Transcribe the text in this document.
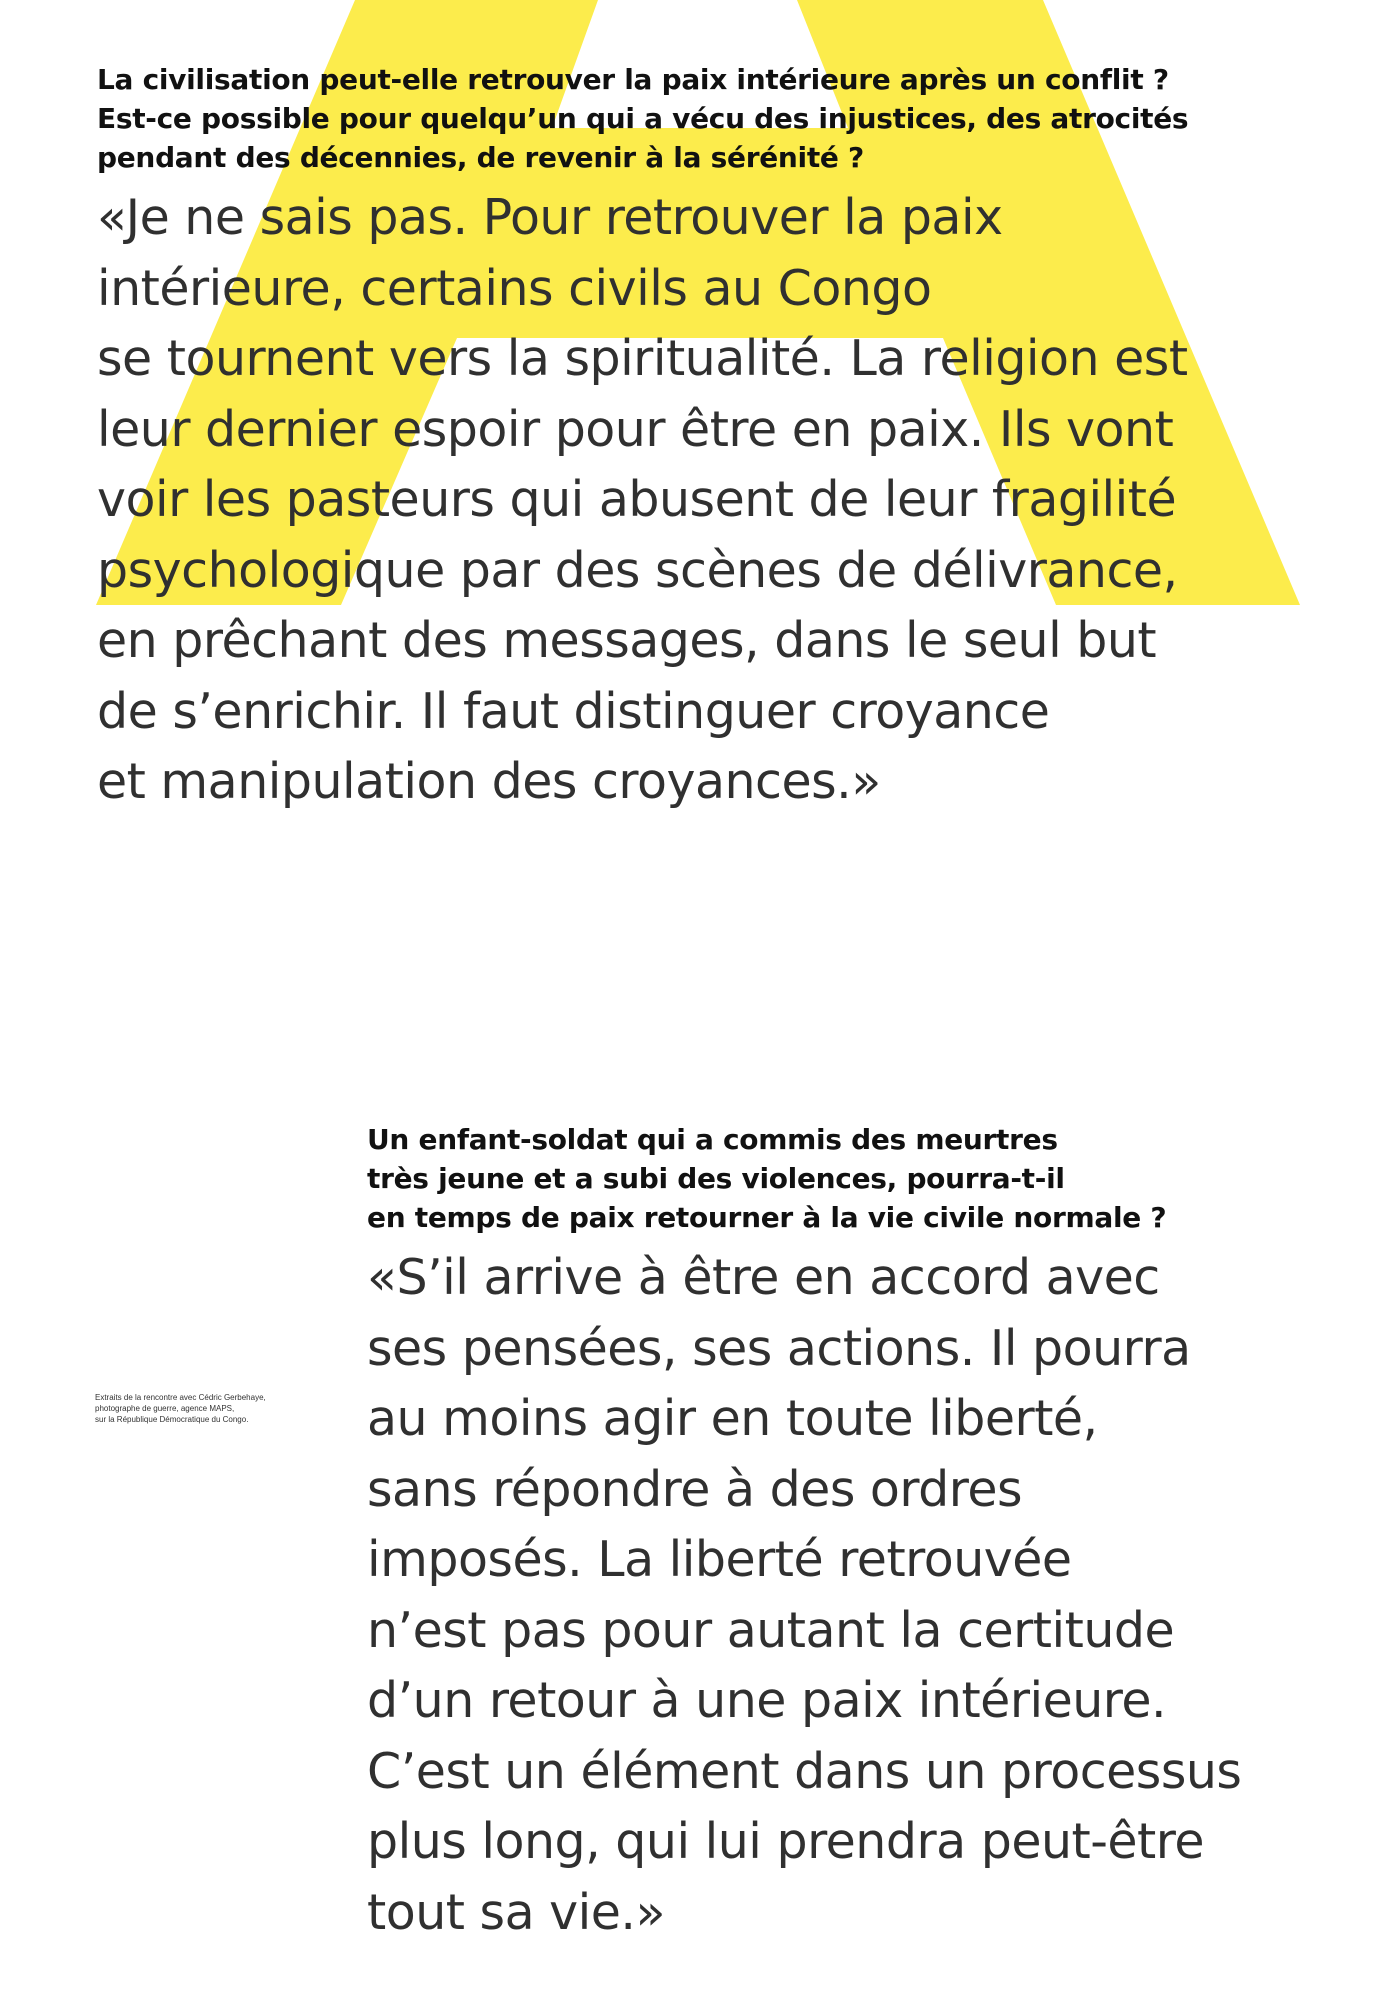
La civilisation peut-elle retrouver la paix intérieure après un conflit ?
Est-ce possible pour quelqu’un qui a vécu des injustices, des atrocités
pendant des décennies, de revenir à la sérénité ?

«Je ne sais pas. Pour retrouver la paix
intérieure, certains civils au Congo
se tournent vers la spiritualité. La religion est
leur dernier espoir pour être en paix. Ils vont
voir les pasteurs qui abusent de leur fragilité
psychologique par des scènes de délivrance,
en prêchant des messages, dans le seul but
de s’enrichir. Il faut distinguer croyance
et manipulation des croyances.»

Extraits de la rencontre avec Cédric Gerbehaye,
photographe de guerre, agence MAPS,
sur la République Démocratique du Congo.

Un enfant-soldat qui a commis des meurtres
très jeune et a subi des violences, pourra-t-il
en temps de paix retourner à la vie civile normale ?

«S’il arrive à être en accord avec
ses pensées, ses actions. Il pourra
au moins agir en toute liberté,
sans répondre à des ordres
imposés. La liberté retrouvée
n’est pas pour autant la certitude
d’un retour à une paix intérieure.
C’est un élément dans un processus
plus long, qui lui prendra peut-être
tout sa vie.»
